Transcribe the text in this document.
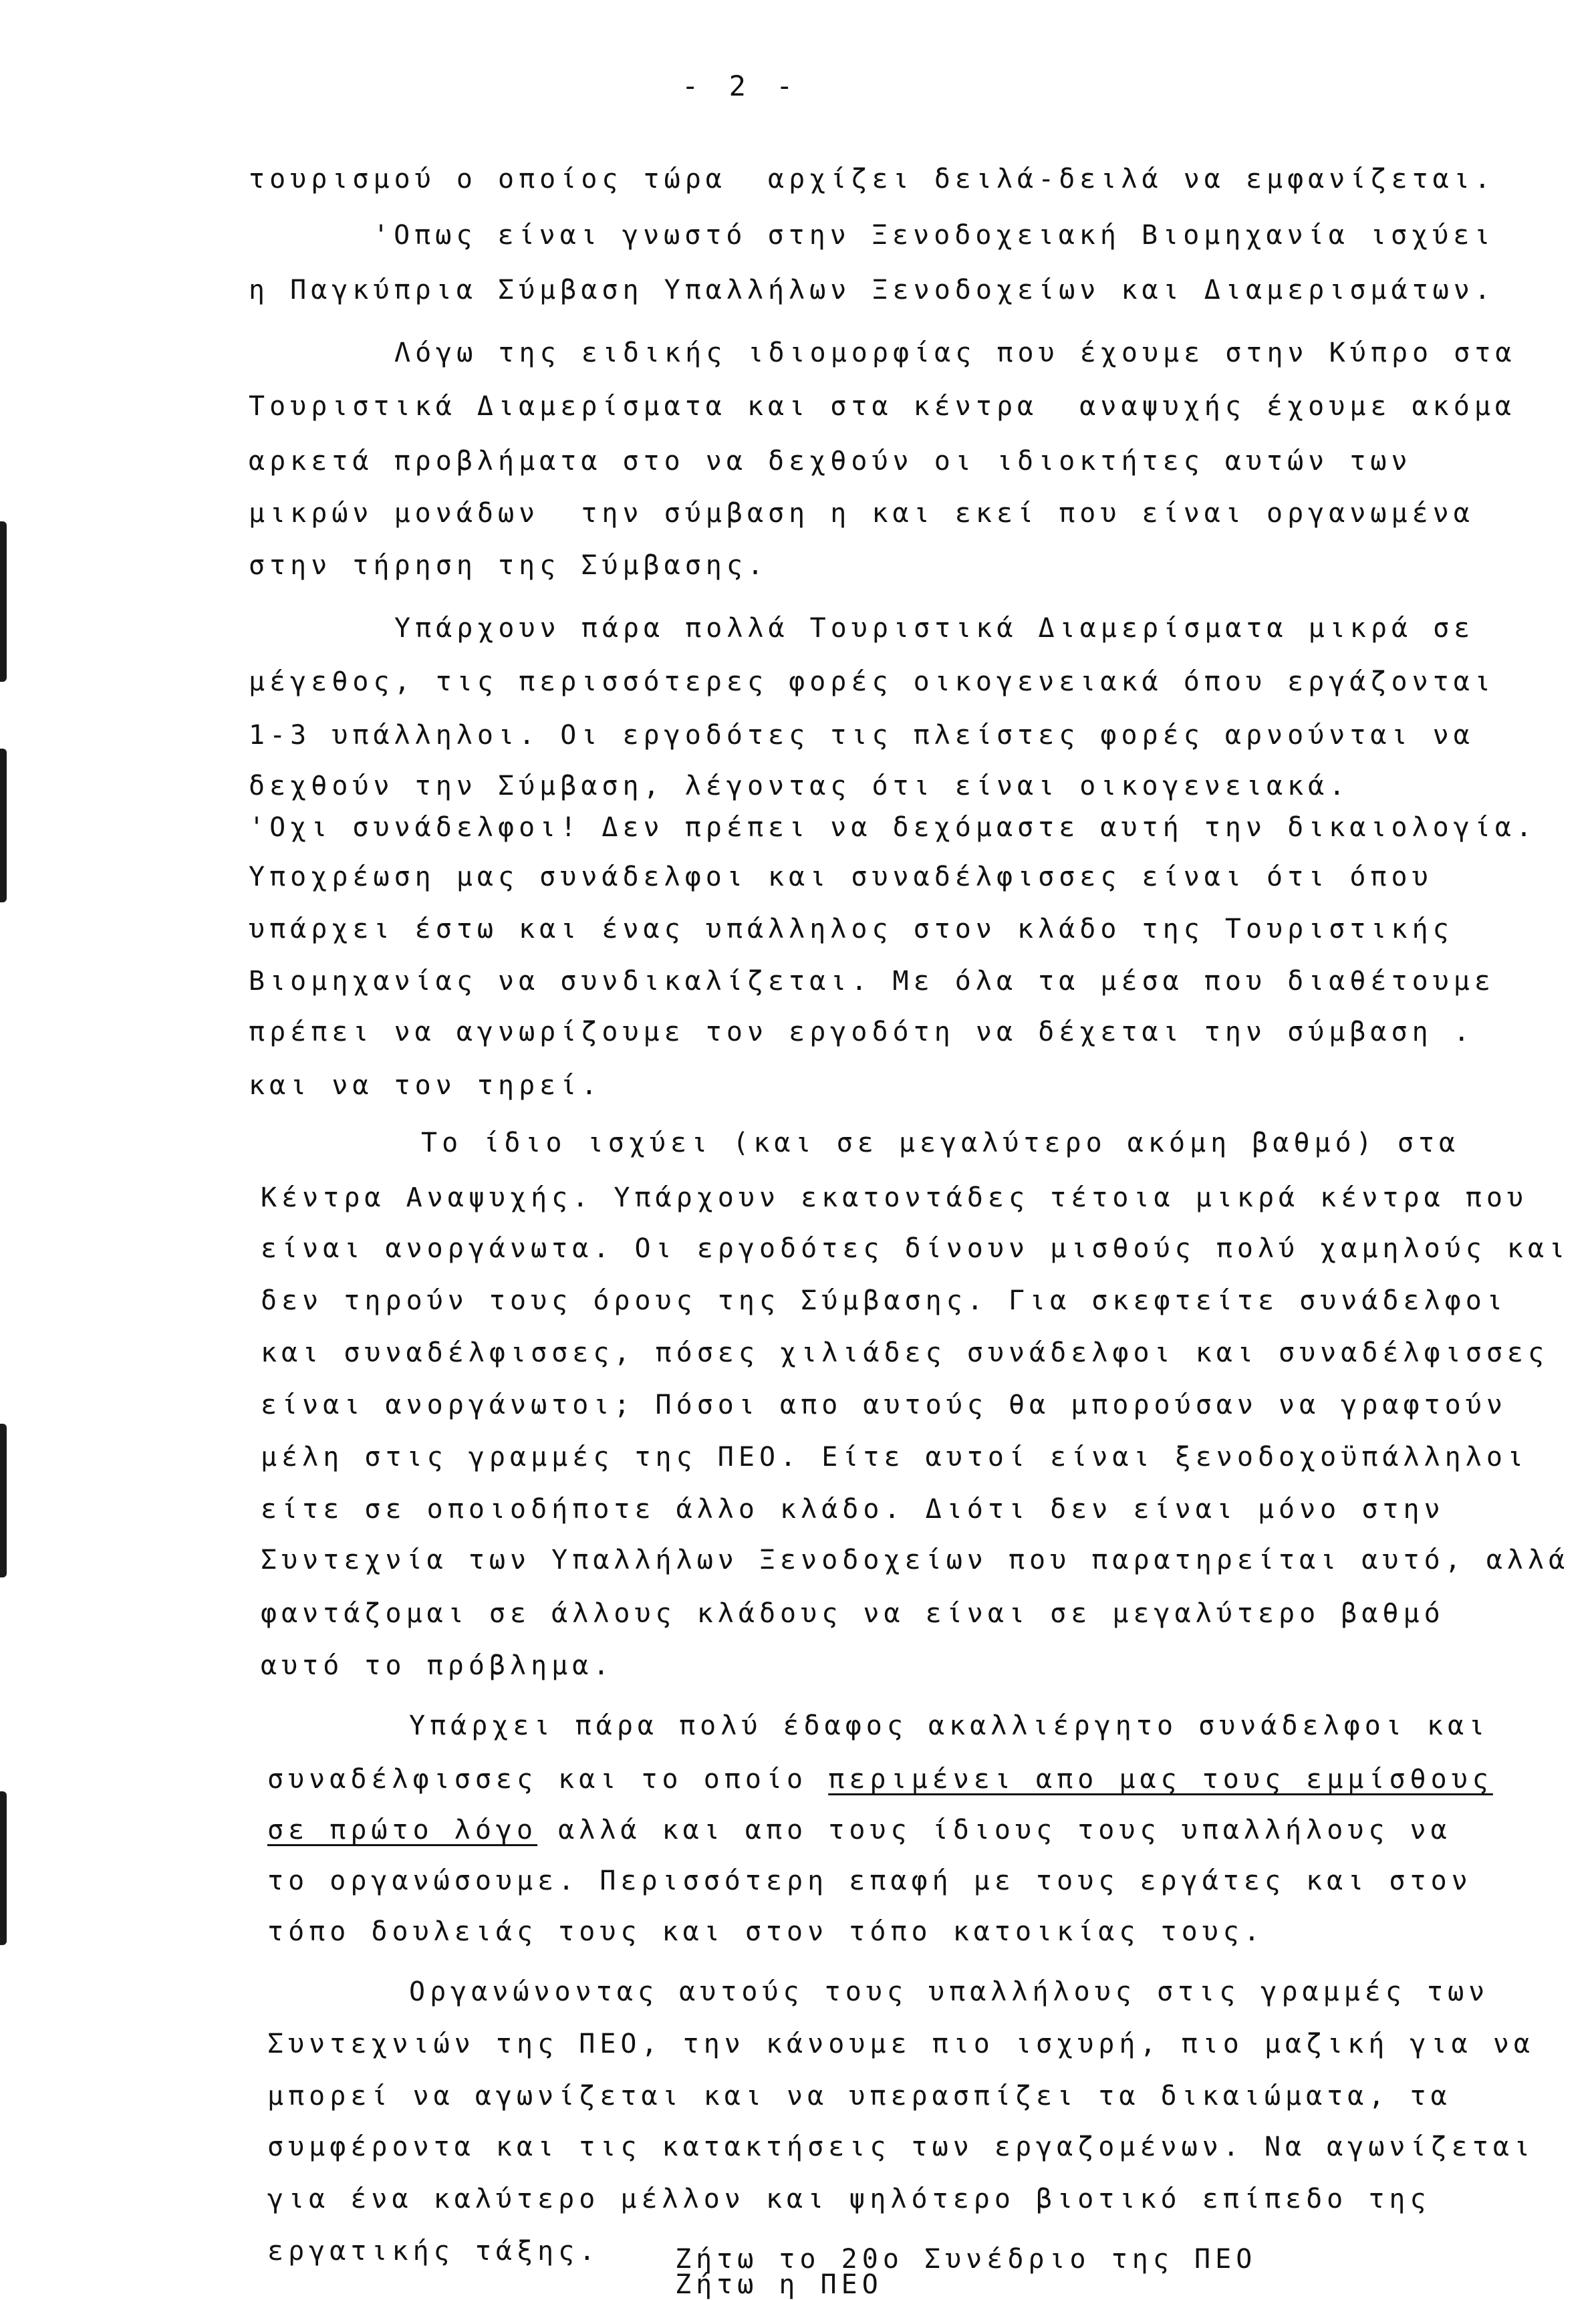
- 2 -
τουρισμού ο οποίος τώρα  αρχίζει δειλά-δειλά να εμφανίζεται.
'Οπως είναι γνωστό στην Ξενοδοχειακή Βιομηχανία ισχύει
η Παγκύπρια Σύμβαση Υπαλλήλων Ξενοδοχείων και Διαμερισμάτων.
Λόγω της ειδικής ιδιομορφίας που έχουμε στην Κύπρο στα
Τουριστικά Διαμερίσματα και στα κέντρα  αναψυχής έχουμε ακόμα
αρκετά προβλήματα στο να δεχθούν οι ιδιοκτήτες αυτών των
μικρών μονάδων  την σύμβαση η και εκεί που είναι οργανωμένα
στην τήρηση της Σύμβασης.
Υπάρχουν πάρα πολλά Τουριστικά Διαμερίσματα μικρά σε
μέγεθος, τις περισσότερες φορές οικογενειακά όπου εργάζονται
1-3 υπάλληλοι. Οι εργοδότες τις πλείστες φορές αρνούνται να
δεχθούν την Σύμβαση, λέγοντας ότι είναι οικογενειακά.
'Οχι συνάδελφοι! Δεν πρέπει να δεχόμαστε αυτή την δικαιολογία.
Υποχρέωση μας συνάδελφοι και συναδέλφισσες είναι ότι όπου
υπάρχει έστω και ένας υπάλληλος στον κλάδο της Τουριστικής
Βιομηχανίας να συνδικαλίζεται. Με όλα τα μέσα που διαθέτουμε
πρέπει να αγνωρίζουμε τον εργοδότη να δέχεται την σύμβαση .
και να τον τηρεί.
Το ίδιο ισχύει (και σε μεγαλύτερο ακόμη βαθμό) στα
Κέντρα Αναψυχής. Υπάρχουν εκατοντάδες τέτοια μικρά κέντρα που
είναι ανοργάνωτα. Οι εργοδότες δίνουν μισθούς πολύ χαμηλούς και
δεν τηρούν τους όρους της Σύμβασης. Για σκεφτείτε συνάδελφοι
και συναδέλφισσες, πόσες χιλιάδες συνάδελφοι και συναδέλφισσες
είναι ανοργάνωτοι; Πόσοι απο αυτούς θα μπορούσαν να γραφτούν
μέλη στις γραμμές της ΠΕΟ. Είτε αυτοί είναι ξενοδοχοϋπάλληλοι
είτε σε οποιοδήποτε άλλο κλάδο. Διότι δεν είναι μόνο στην
Συντεχνία των Υπαλλήλων Ξενοδοχείων που παρατηρείται αυτό, αλλά
φαντάζομαι σε άλλους κλάδους να είναι σε μεγαλύτερο βαθμό
αυτό το πρόβλημα.
Υπάρχει πάρα πολύ έδαφος ακαλλιέργητο συνάδελφοι και
συναδέλφισσες και το οποίο περιμένει απο μας τους εμμίσθους
σε πρώτο λόγο αλλά και απο τους ίδιους τους υπαλλήλους να
το οργανώσουμε. Περισσότερη επαφή με τους εργάτες και στον
τόπο δουλειάς τους και στον τόπο κατοικίας τους.
Οργανώνοντας αυτούς τους υπαλλήλους στις γραμμές των
Συντεχνιών της ΠΕΟ, την κάνουμε πιο ισχυρή, πιο μαζική για να
μπορεί να αγωνίζεται και να υπερασπίζει τα δικαιώματα, τα
συμφέροντα και τις κατακτήσεις των εργαζομένων. Να αγωνίζεται
για ένα καλύτερο μέλλον και ψηλότερο βιοτικό επίπεδο της
εργατικής τάξης.	Ζήτω το 20ο Συνέδριο της ΠΕΟ
Ζήτω η ΠΕΟ
